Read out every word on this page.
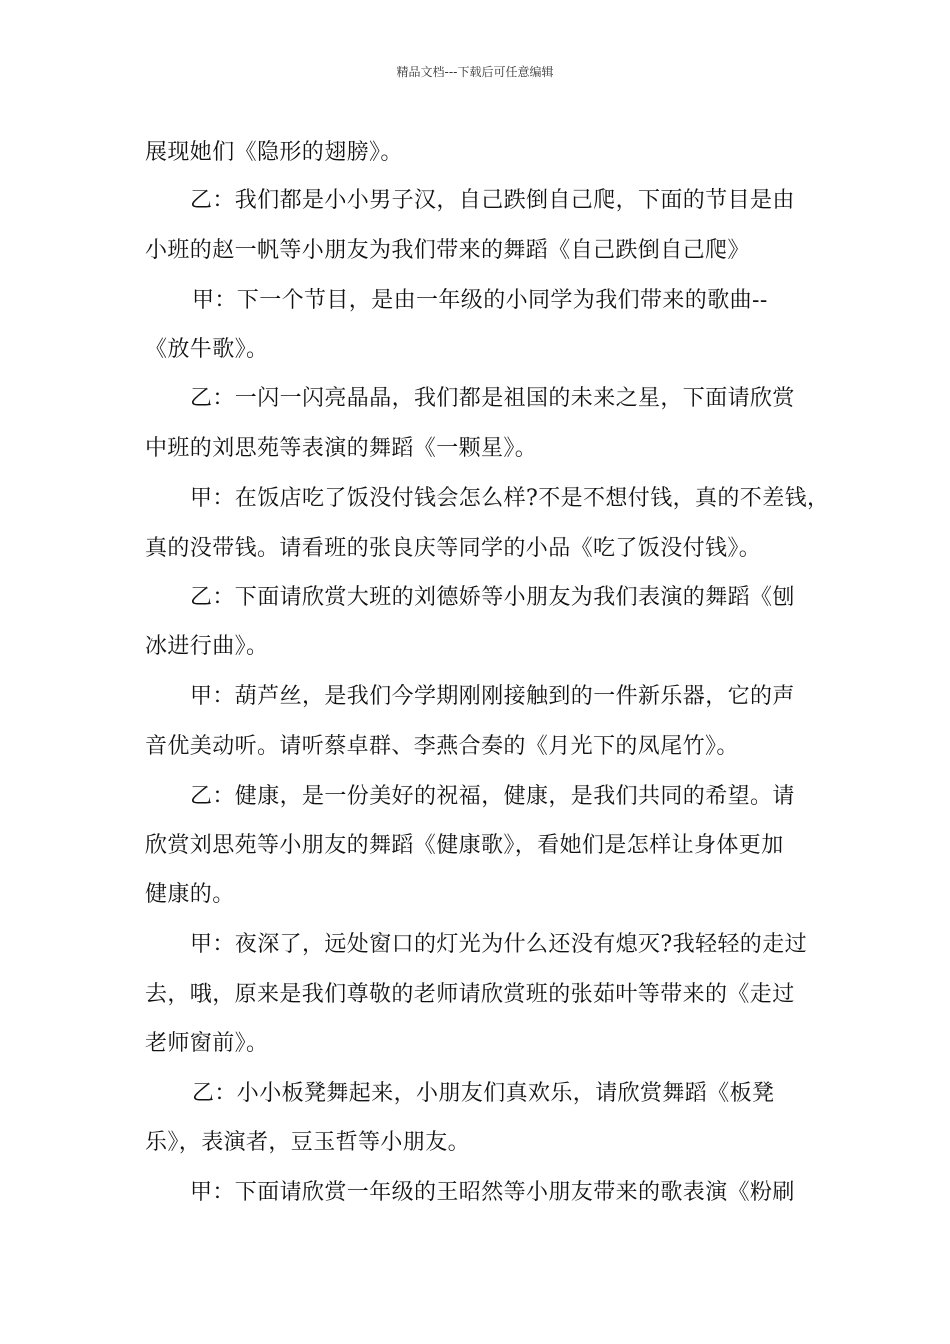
精品文档---下载后可任意编辑
展现她们《隐形的翅膀》。
乙：我们都是小小男子汉，自己跌倒自己爬，下面的节目是由
小班的赵一帆等小朋友为我们带来的舞蹈《自己跌倒自己爬》
甲：下一个节目，是由一年级的小同学为我们带来的歌曲--
《放牛歌》。
乙：一闪一闪亮晶晶，我们都是祖国的未来之星，下面请欣赏
中班的刘思苑等表演的舞蹈《一颗星》。
甲：在饭店吃了饭没付钱会怎么样?不是不想付钱，真的不差钱，
真的没带钱。请看班的张良庆等同学的小品《吃了饭没付钱》。
乙：下面请欣赏大班的刘德娇等小朋友为我们表演的舞蹈《刨
冰进行曲》。
甲：葫芦丝，是我们今学期刚刚接触到的一件新乐器，它的声
音优美动听。请听蔡卓群、李燕合奏的《月光下的凤尾竹》。
乙：健康，是一份美好的祝福，健康，是我们共同的希望。请
欣赏刘思苑等小朋友的舞蹈《健康歌》，看她们是怎样让身体更加
健康的。
甲：夜深了，远处窗口的灯光为什么还没有熄灭?我轻轻的走过
去，哦，原来是我们尊敬的老师请欣赏班的张茹叶等带来的《走过
老师窗前》。
乙：小小板凳舞起来，小朋友们真欢乐，请欣赏舞蹈《板凳
乐》，表演者，豆玉哲等小朋友。
甲：下面请欣赏一年级的王昭然等小朋友带来的歌表演《粉刷
